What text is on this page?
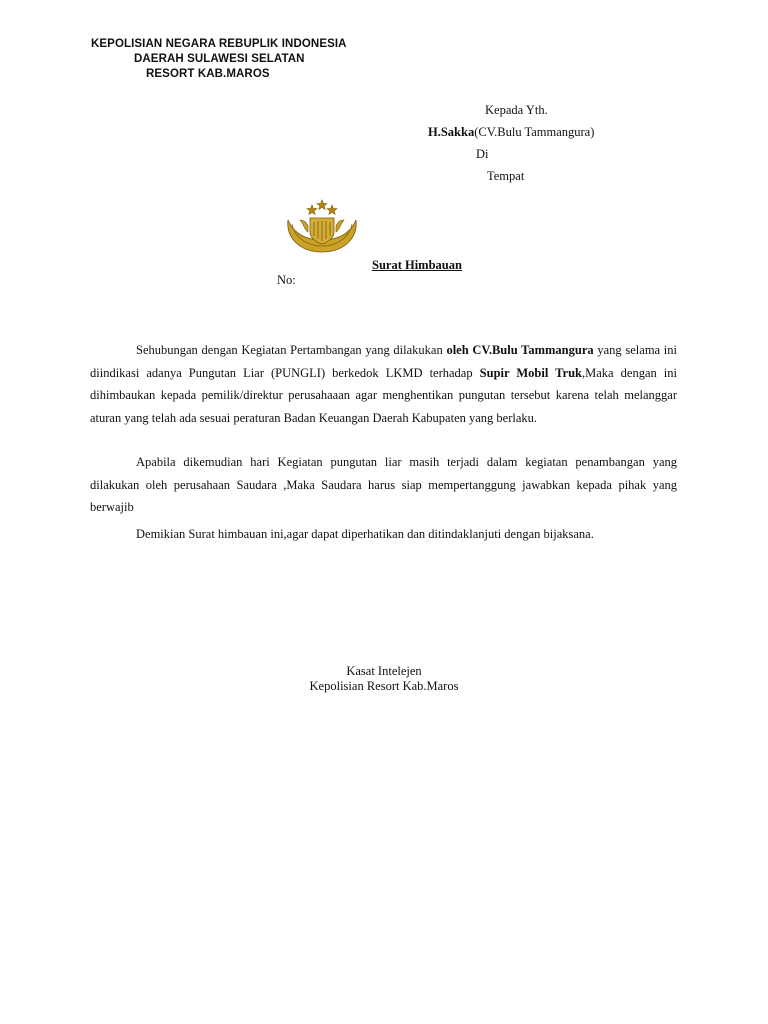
KEPOLISIAN NEGARA REBUPLIK INDONESIA
DAERAH SULAWESI SELATAN
RESORT KAB.MAROS
Kepada Yth.
H.Sakka(CV.Bulu Tammangura)
Di
Tempat
Surat Himbauan
No:
Sehubungan dengan Kegiatan Pertambangan yang dilakukan oleh CV.Bulu Tammangura yang selama ini diindikasi adanya Pungutan Liar (PUNGLI) berkedok LKMD terhadap Supir Mobil Truk,Maka dengan ini dihimbaukan kepada pemilik/direktur perusahaaan agar menghentikan pungutan tersebut karena telah melanggar aturan yang telah ada sesuai peraturan Badan Keuangan Daerah Kabupaten yang berlaku.
Apabila dikemudian hari Kegiatan pungutan liar masih terjadi dalam kegiatan penambangan yang dilakukan oleh perusahaan Saudara ,Maka Saudara harus siap mempertanggung jawabkan kepada pihak yang berwajib
Demikian Surat himbauan ini,agar dapat diperhatikan dan ditindaklanjuti dengan bijaksana.
Kasat Intelejen
Kepolisian Resort Kab.Maros
